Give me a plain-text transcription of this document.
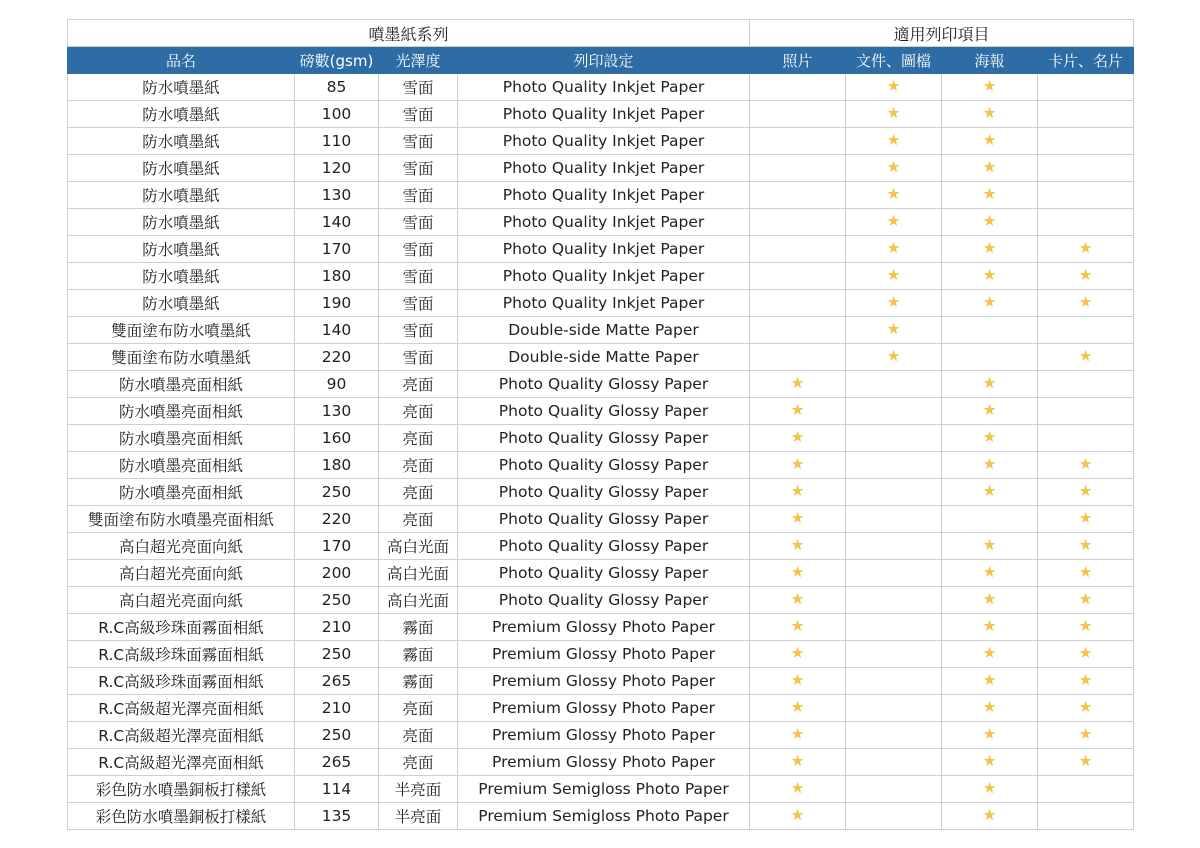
噴墨紙系列				適用列印項目			
品名	磅數(gsm)	光澤度	列印設定	照片	文件、圖檔	海報	卡片、名片
防水噴墨紙	85	雪面	Photo Quality Inkjet Paper		★	★	
防水噴墨紙	100	雪面	Photo Quality Inkjet Paper		★	★	
防水噴墨紙	110	雪面	Photo Quality Inkjet Paper		★	★	
防水噴墨紙	120	雪面	Photo Quality Inkjet Paper		★	★	
防水噴墨紙	130	雪面	Photo Quality Inkjet Paper		★	★	
防水噴墨紙	140	雪面	Photo Quality Inkjet Paper		★	★	
防水噴墨紙	170	雪面	Photo Quality Inkjet Paper		★	★	★
防水噴墨紙	180	雪面	Photo Quality Inkjet Paper		★	★	★
防水噴墨紙	190	雪面	Photo Quality Inkjet Paper		★	★	★
雙面塗布防水噴墨紙	140	雪面	Double-side Matte Paper		★		
雙面塗布防水噴墨紙	220	雪面	Double-side Matte Paper		★		★
防水噴墨亮面相紙	90	亮面	Photo Quality Glossy Paper	★		★	
防水噴墨亮面相紙	130	亮面	Photo Quality Glossy Paper	★		★	
防水噴墨亮面相紙	160	亮面	Photo Quality Glossy Paper	★		★	
防水噴墨亮面相紙	180	亮面	Photo Quality Glossy Paper	★		★	★
防水噴墨亮面相紙	250	亮面	Photo Quality Glossy Paper	★		★	★
雙面塗布防水噴墨亮面相紙	220	亮面	Photo Quality Glossy Paper	★			★
高白超光亮面向紙	170	高白光面	Photo Quality Glossy Paper	★		★	★
高白超光亮面向紙	200	高白光面	Photo Quality Glossy Paper	★		★	★
高白超光亮面向紙	250	高白光面	Photo Quality Glossy Paper	★		★	★
R.C高級珍珠面霧面相紙	210	霧面	Premium Glossy Photo Paper	★		★	★
R.C高級珍珠面霧面相紙	250	霧面	Premium Glossy Photo Paper	★		★	★
R.C高級珍珠面霧面相紙	265	霧面	Premium Glossy Photo Paper	★		★	★
R.C高級超光澤亮面相紙	210	亮面	Premium Glossy Photo Paper	★		★	★
R.C高級超光澤亮面相紙	250	亮面	Premium Glossy Photo Paper	★		★	★
R.C高級超光澤亮面相紙	265	亮面	Premium Glossy Photo Paper	★		★	★
彩色防水噴墨銅板打樣紙	114	半亮面	Premium Semigloss Photo Paper	★		★	
彩色防水噴墨銅板打樣紙	135	半亮面	Premium Semigloss Photo Paper	★		★	
